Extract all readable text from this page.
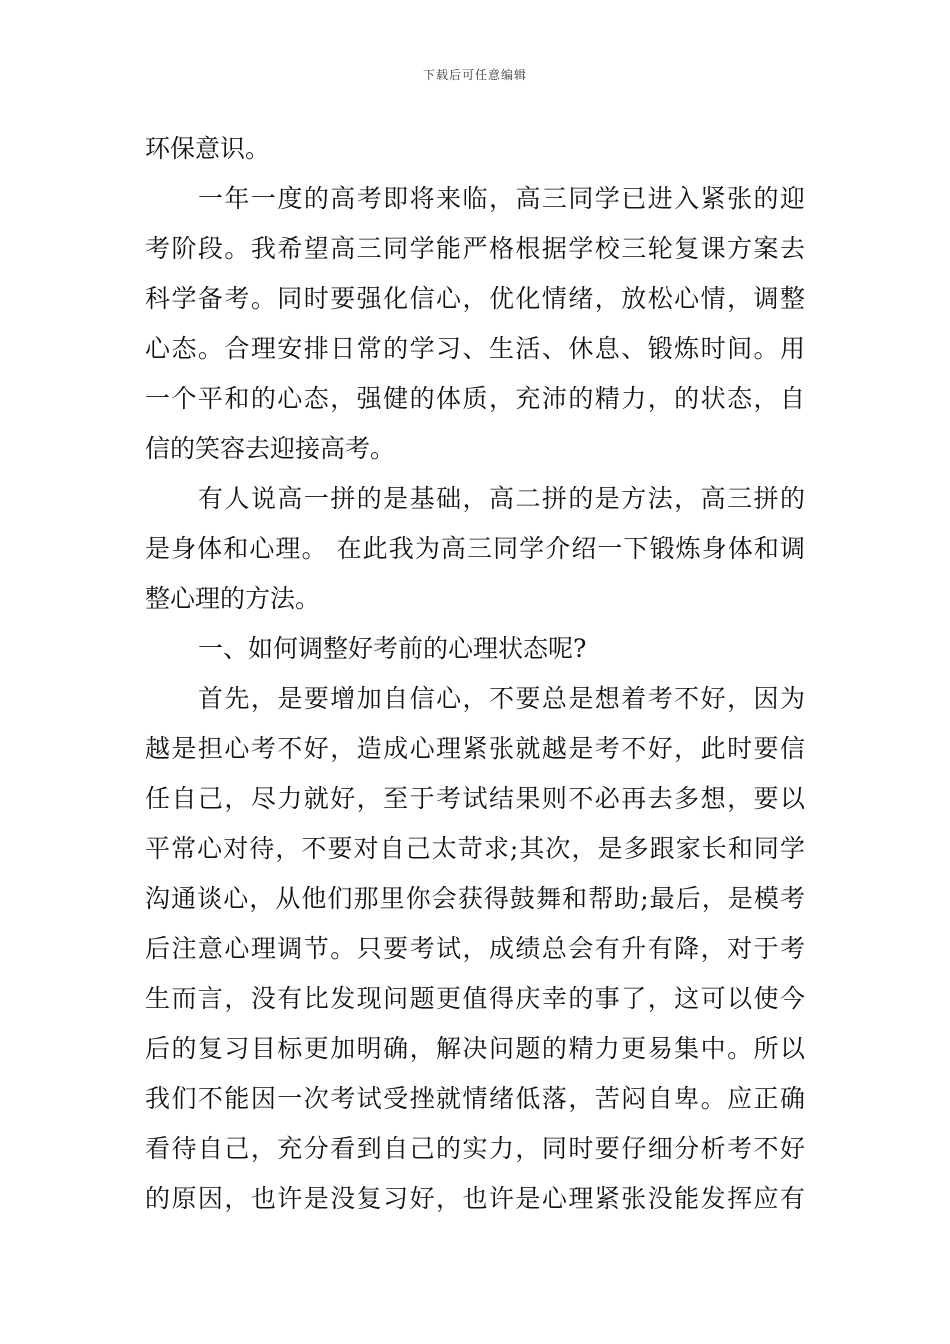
下载后可任意编辑
环保意识。
一年一度的高考即将来临，高三同学已进入紧张的迎
考阶段。我希望高三同学能严格根据学校三轮复课方案去
科学备考。同时要强化信心，优化情绪，放松心情，调整
心态。合理安排日常的学习、生活、休息、锻炼时间。用
一个平和的心态，强健的体质，充沛的精力，的状态，自
信的笑容去迎接高考。
有人说高一拼的是基础，高二拼的是方法，高三拼的
是身体和心理。 在此我为高三同学介绍一下锻炼身体和调
整心理的方法。
一、如何调整好考前的心理状态呢?
首先，是要增加自信心，不要总是想着考不好，因为
越是担心考不好，造成心理紧张就越是考不好，此时要信
任自己，尽力就好，至于考试结果则不必再去多想，要以
平常心对待，不要对自己太苛求;其次，是多跟家长和同学
沟通谈心，从他们那里你会获得鼓舞和帮助;最后，是模考
后注意心理调节。只要考试，成绩总会有升有降，对于考
生而言，没有比发现问题更值得庆幸的事了，这可以使今
后的复习目标更加明确，解决问题的精力更易集中。所以
我们不能因一次考试受挫就情绪低落，苦闷自卑。应正确
看待自己，充分看到自己的实力，同时要仔细分析考不好
的原因，也许是没复习好，也许是心理紧张没能发挥应有
